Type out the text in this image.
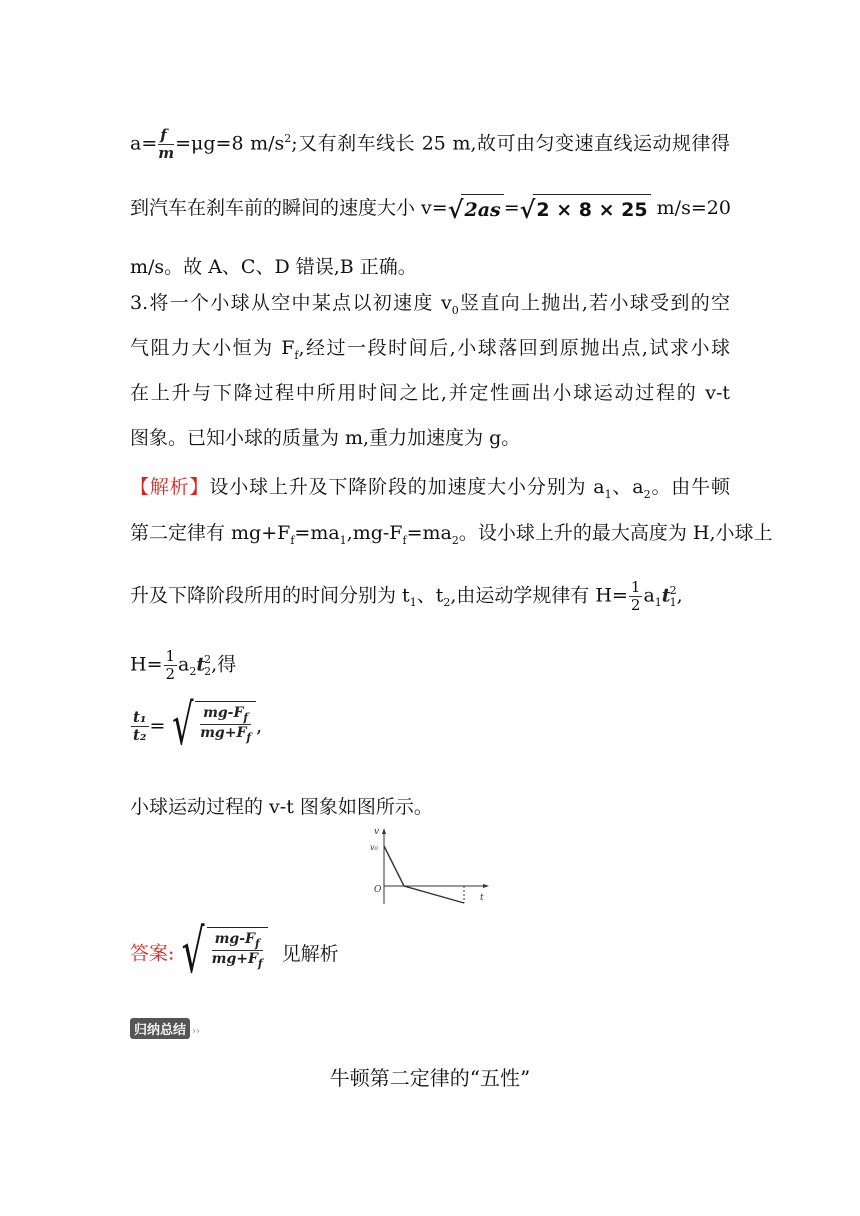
$a= \frac{f}{m} =\mu g=8$ $m/s^2$;又有刹车线长 25 m,故可由匀变速直线运动规律得
到汽车在刹车前的瞬间的速度大小 v=√2as =√2 × 8 × 25 m/s=20
m/s。故 A、C、D 错误,B 正确。
3.将一个小球从空中某点以初速度 $v_0$竖直向上抛出,若小球受到的空
气阻力大小恒为 $F_f$,经过一段时间后,小球落回到原抛出点,试求小球
在上升与下降过程中所用时间之比,并定性画出小球运动过程的 v-t
图象。已知小球的质量为 m,重力加速度为 g。
【解析】设小球上升及下降阶段的加速度大小分别为 $a_1$、$a_2$。由牛顿
第二定律有 $mg+F_f=ma_1,mg-F_f=ma_2$。设小球上升的最大高度为 H,小球上
升及下降阶段所用的时间分别为 $t_1$、$t_2$,由运动学规律有 $H= \frac{1}{2} a_1t^2_1$,
$H= \frac{1}{2} a_2t^2_2$,得
$\frac{\text{t₁}}{\text{t₂}}$ = √ $\frac{mg-F_f}{mg+F_f}$ ,
小球运动过程的 v-t 图象如图所示。
v
v₀
O
t
答案: √ $\frac{mg-F_f}{mg+F_f}$ 见解析
归纳总结 ››
牛顿第二定律的“五性”
